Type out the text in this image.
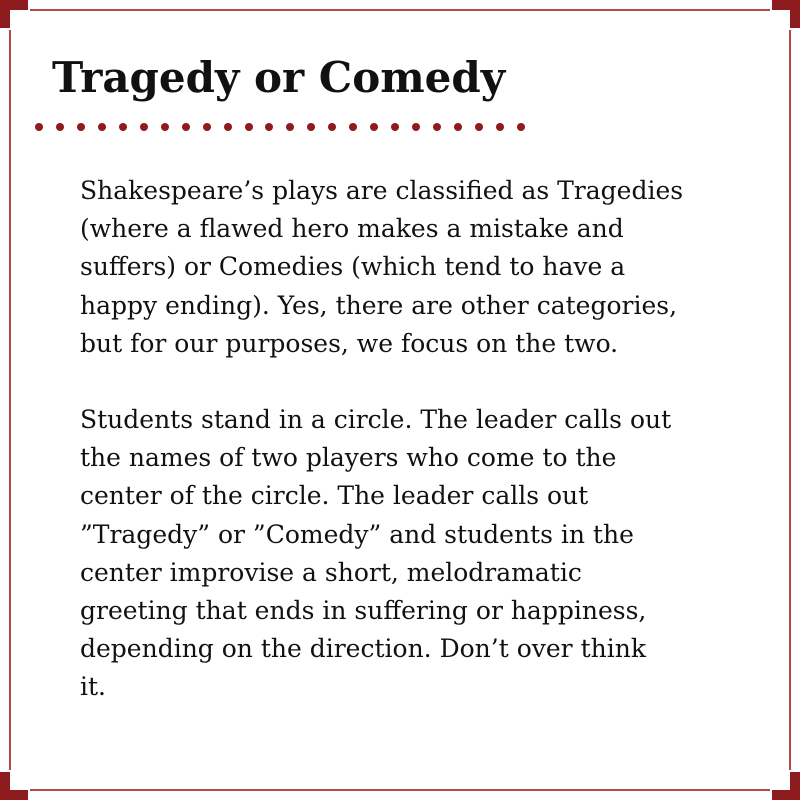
Tragedy or Comedy

Shakespeare’s plays are classified as Tragedies
(where a flawed hero makes a mistake and
suffers) or Comedies (which tend to have a
happy ending). Yes, there are other categories,
but for our purposes, we focus on the two.

Students stand in a circle. The leader calls out
the names of two players who come to the
center of the circle. The leader calls out
”Tragedy” or ”Comedy” and students in the
center improvise a short, melodramatic
greeting that ends in suffering or happiness,
depending on the direction. Don’t over think
it.
